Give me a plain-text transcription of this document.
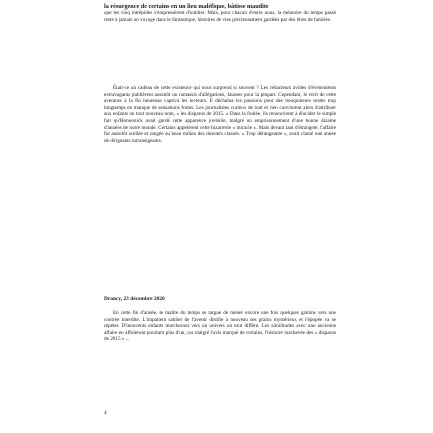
la résurgence de certains en un lieu maléfique, bâtisse maudite

que les cinq intrépides s'empressèrent d'oublier. Mais, pour chacun d'entre nous, la mémoire du temps passé reste à jamais un voyage dans le fantastique, histoires de vies précieusement gardées par des êtres de lumière.

Était-ce un cadeau de cette existence qui nous surprend si souvent ? Les rédacteurs avides d'événements extravagants publièrent aussitôt un ramassis d'allégations, fausses pour la plupart. Cependant, le récit de cette aventure à la fin heureuse captiva les lecteurs. Il déchaîna les passions pour des bouquineurs restés trop longtemps en manque de sensations fortes. Les journalistes curieux de tout et rien convinrent alors d'attribuer aux enfants un tout nouveau nom, « les disparus de 2015. » Dans la foulée, ils renoncèrent à élucider le simple fait qu'Honoonick avait gardé cette apparence juvénile, malgré un emprisonnement d'une bonne dizaine d'années de notre monde. Certains appelèrent cette bizarrerie « miracle ». Mais devant tant d'étrangeté, l'affaire fut aussitôt scellée et rangée au beau milieu des dossiers classés. « Trop dérangeante », avait clamé une année de dirigeants intransigeants.

Drancy, 23 décembre 2020

En cette fin d'année, le maître du temps se targue de mener encore une fois quelques gamins vers une contrée interdite. L'impatient sablier de l'avenir distille à nouveau ses grains mystérieux et l'épopée va se répéter. D'innocents enfants marcheront vers un univers où tout diffère. Les similitudes avec une ancienne affaire en affoleront pourtant plus d'un, car malgré l'avis marqué de certains, l'histoire inachevée des « disparus de 2015 » ...

4
